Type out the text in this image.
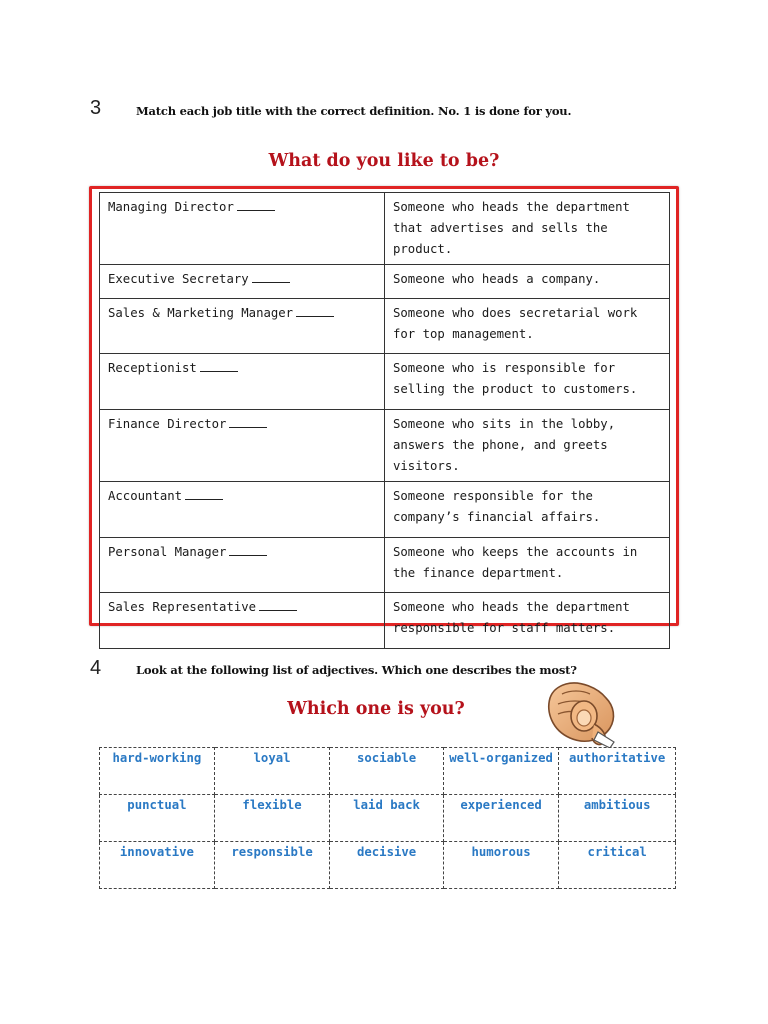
3	Match each job title with the correct definition. No. 1 is done for you.
What do you like to be?
Managing Director	Someone who heads the department that advertises and sells the product.
Executive Secretary	Someone who heads a company.
Sales & Marketing Manager	Someone who does secretarial work for top management.
Receptionist	Someone who is responsible for selling the product to customers.
Finance Director	Someone who sits in the lobby, answers the phone, and greets visitors.
Accountant	Someone responsible for the company’s financial affairs.
Personal Manager	Someone who keeps the accounts in the finance department.
Sales Representative	Someone who heads the department responsible for staff matters.
4	Look at the following list of adjectives. Which one describes the most?
Which one is you?
hard-working	loyal	sociable	well-organized	authoritative
punctual	flexible	laid back	experienced	ambitious
innovative	responsible	decisive	humorous	critical
